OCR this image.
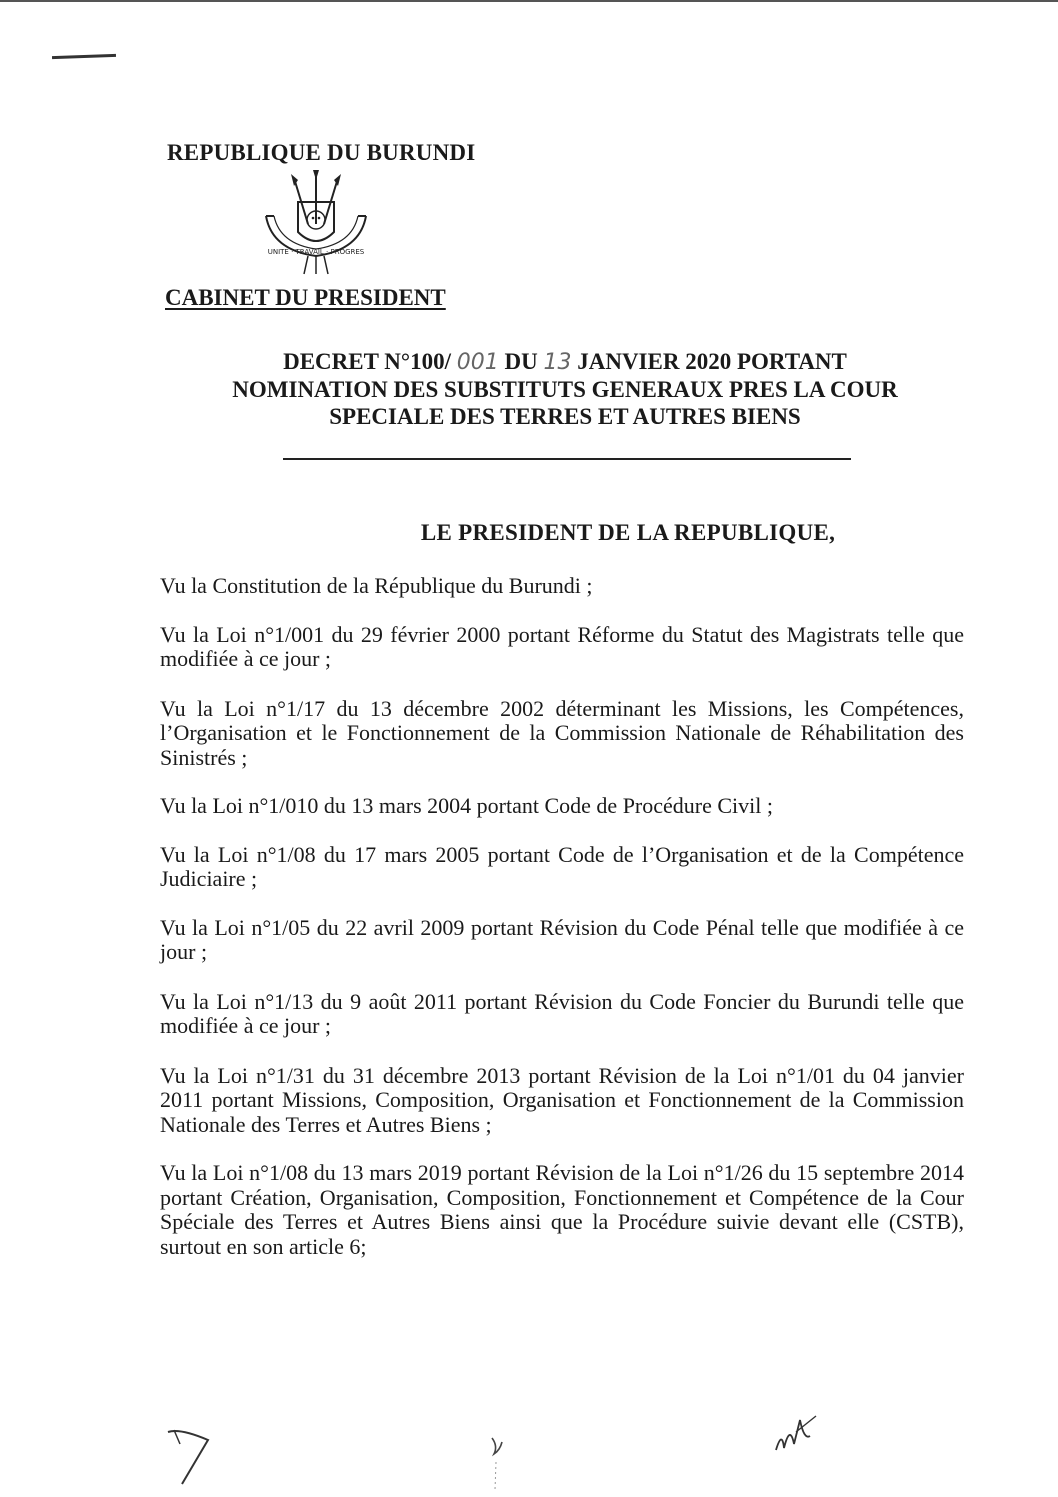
REPUBLIQUE DU BURUNDI
UNITE · TRAVAIL · PROGRES
CABINET DU PRESIDENT
DECRET N°100/ 001 DU 13 JANVIER 2020 PORTANT
NOMINATION DES SUBSTITUTS GENERAUX PRES LA COUR
SPECIALE DES TERRES ET AUTRES BIENS
LE PRESIDENT DE LA REPUBLIQUE,

Vu la Constitution de la République du Burundi ;

Vu la Loi n°1/001 du 29 février 2000 portant Réforme du Statut des Magistrats telle que modifiée à ce jour ;

Vu la Loi n°1/17 du 13 décembre 2002 déterminant les Missions, les Compétences, l’Organisation et le Fonctionnement de la Commission Nationale de Réhabilitation des Sinistrés ;

Vu la Loi n°1/010 du 13 mars 2004 portant Code de Procédure Civil ;

Vu la Loi n°1/08 du 17 mars 2005 portant Code de l’Organisation et de la Compétence Judiciaire ;

Vu la Loi n°1/05 du 22 avril 2009 portant Révision du Code Pénal telle que modifiée à ce jour ;

Vu la Loi n°1/13 du 9 août 2011 portant Révision du Code Foncier du Burundi telle que modifiée à ce jour ;

Vu la Loi n°1/31 du 31 décembre 2013 portant Révision de la Loi n°1/01 du 04 janvier 2011 portant Missions, Composition, Organisation et Fonctionnement de la Commission Nationale des Terres et Autres Biens ;

Vu la Loi n°1/08 du 13 mars 2019 portant Révision de la Loi n°1/26 du 15 septembre 2014 portant Création, Organisation, Composition, Fonctionnement et Compétence de la Cour Spéciale des Terres et Autres Biens ainsi que la Procédure suivie devant elle (CSTB), surtout en son article 6;
